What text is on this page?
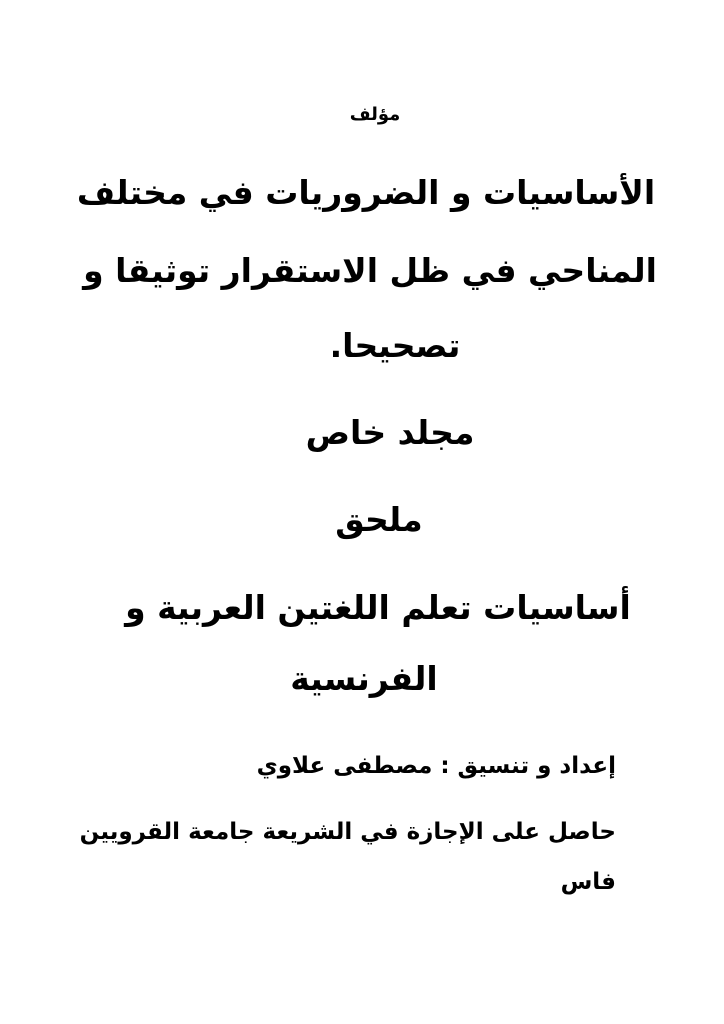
مؤلف
الأساسيات و الضروريات في مختلف
المناحي في ظل الاستقرار توثيقا و
تصحيحا.
مجلد خاص
ملحق
أساسيات تعلم اللغتين العربية و
الفرنسية
إعداد و تنسيق : مصطفى علاوي
حاصل على الإجازة في الشريعة جامعة القرويين
فاس
